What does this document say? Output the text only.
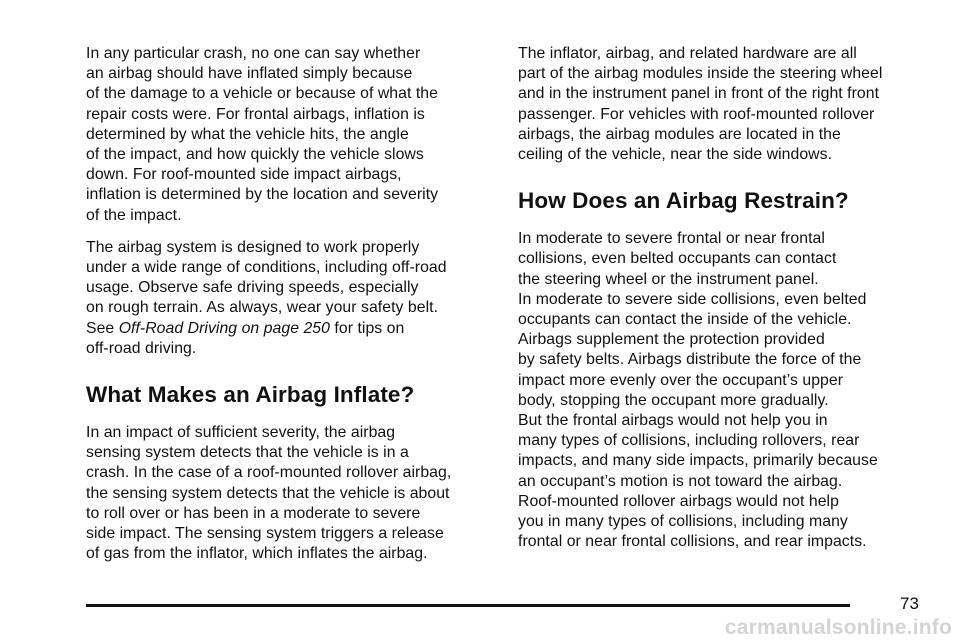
In any particular crash, no one can say whether
an airbag should have inflated simply because
of the damage to a vehicle or because of what the
repair costs were. For frontal airbags, inflation is
determined by what the vehicle hits, the angle
of the impact, and how quickly the vehicle slows
down. For roof-mounted side impact airbags,
inflation is determined by the location and severity
of the impact.

The airbag system is designed to work properly
under a wide range of conditions, including off-road
usage. Observe safe driving speeds, especially
on rough terrain. As always, wear your safety belt.
See Off-Road Driving on page 250 for tips on
off-road driving.

What Makes an Airbag Inflate?

In an impact of sufficient severity, the airbag
sensing system detects that the vehicle is in a
crash. In the case of a roof-mounted rollover airbag,
the sensing system detects that the vehicle is about
to roll over or has been in a moderate to severe
side impact. The sensing system triggers a release
of gas from the inflator, which inflates the airbag.

The inflator, airbag, and related hardware are all
part of the airbag modules inside the steering wheel
and in the instrument panel in front of the right front
passenger. For vehicles with roof-mounted rollover
airbags, the airbag modules are located in the
ceiling of the vehicle, near the side windows.

How Does an Airbag Restrain?

In moderate to severe frontal or near frontal
collisions, even belted occupants can contact
the steering wheel or the instrument panel.
In moderate to severe side collisions, even belted
occupants can contact the inside of the vehicle.
Airbags supplement the protection provided
by safety belts. Airbags distribute the force of the
impact more evenly over the occupant’s upper
body, stopping the occupant more gradually.
But the frontal airbags would not help you in
many types of collisions, including rollovers, rear
impacts, and many side impacts, primarily because
an occupant’s motion is not toward the airbag.
Roof-mounted rollover airbags would not help
you in many types of collisions, including many
frontal or near frontal collisions, and rear impacts.

73
carmanualsonline.info
